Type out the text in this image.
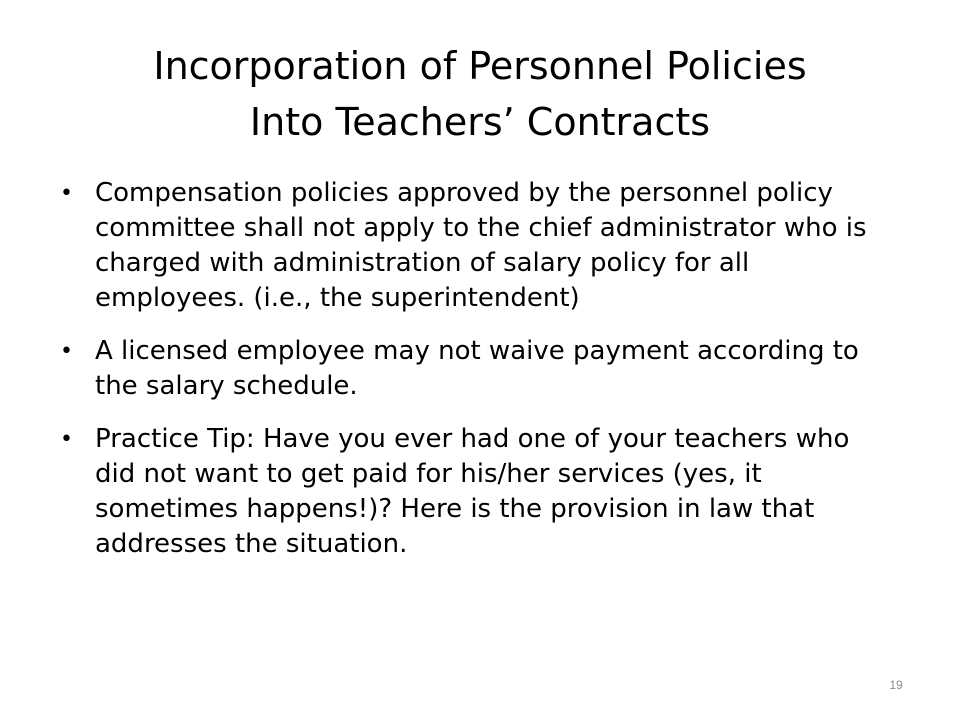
Incorporation of Personnel Policies
Into Teachers’ Contracts
• Compensation policies approved by the personnel policy committee shall not apply to the chief administrator who is charged with administration of salary policy for all employees. (i.e., the superintendent)
• A licensed employee may not waive payment according to the salary schedule.
• Practice Tip: Have you ever had one of your teachers who did not want to get paid for his/her services (yes, it sometimes happens!)? Here is the provision in law that addresses the situation.
19
